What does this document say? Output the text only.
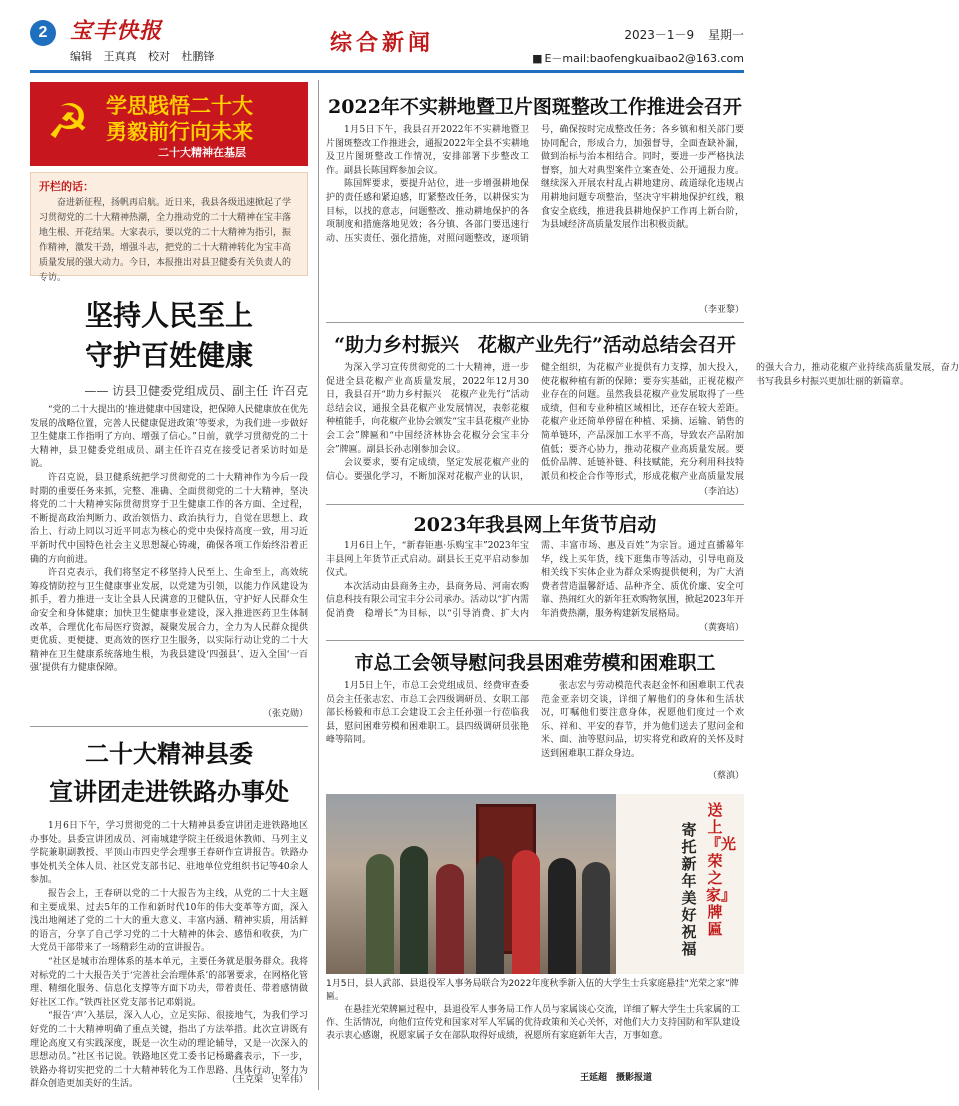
2	宝丰快报
编辑 王真真 校对 杜鹏锋
综合新闻	2023－1－9 星期一
■ E－mail:baofengkuaibao2@163.com
☭ 学思践悟二十大
勇毅前行向未来
二十大精神在基层
开栏的话：
奋进新征程，扬帆再启航。近日来，我县各级迅速掀起了学习贯彻党的二十大精神热潮，全力推动党的二十大精神在宝丰落地生根、开花结果。大家表示，要以党的二十大精神为指引，振作精神，激发干劲，增强斗志，把党的二十大精神转化为宝丰高质量发展的强大动力。今日，本报推出对县卫健委有关负责人的专访。
坚持人民至上
守护百姓健康
—— 访县卫健委党组成员、副主任 许召克

“党的二十大提出的‘推进健康中国建设，把保障人民健康放在优先发展的战略位置，完善人民健康促进政策’等要求，为我们进一步做好卫生健康工作指明了方向、增强了信心。”日前，就学习贯彻党的二十大精神，县卫健委党组成员、副主任许召克在接受记者采访时如是说。

许召克说，县卫健系统把学习贯彻党的二十大精神作为今后一段时期的重要任务来抓，完整、准确、全面贯彻党的二十大精神，坚决将党的二十大精神实际贯彻贯穿于卫生健康工作的各方面、全过程，不断提高政治判断力、政治领悟力、政治执行力，自觉在思想上、政治上、行动上同以习近平同志为核心的党中央保持高度一致，用习近平新时代中国特色社会主义思想凝心铸魂，确保各项工作始终沿着正确的方向前进。

许召克表示，我们将坚定不移坚持人民至上、生命至上，高效统筹疫情防控与卫生健康事业发展，以党建为引领，以能力作风建设为抓手，着力推进一支让全县人民满意的卫健队伍，守护好人民群众生命安全和身体健康；加快卫生健康事业建设，深入推进医药卫生体制改革，合理优化布局医疗资源，凝聚发展合力，全力为人民群众提供更优质、更便捷、更高效的医疗卫生服务，以实际行动让党的二十大精神在卫生健康系统落地生根，为我县建设‘四强县’、迈入全国‘一百强’提供有力健康保障。

（张克勋）
二十大精神县委
宣讲团走进铁路办事处

1月6日下午，学习贯彻党的二十大精神县委宣讲团走进铁路地区办事处。县委宣讲团成员、河南城建学院主任级退休教师、马列主义学院兼职副教授、平顶山市四史学会理事王春研作宣讲报告。铁路办事处机关全体人员、社区党支部书记、驻地单位党组织书记等40余人参加。

报告会上，王春研以党的二十大报告为主线，从党的二十大主题和主要成果、过去5年的工作和新时代10年的伟大变革等方面，深入浅出地阐述了党的二十大的重大意义、丰富内涵、精神实质，用活鲜的语言，分享了自己学习党的二十大精神的体会、感悟和收获，为广大党员干部带来了一场精彩生动的宣讲报告。

“社区是城市治理体系的基本单元，主要任务就是服务群众。我将对标党的二十大报告关于‘完善社会治理体系’的部署要求，在网格化管理、精细化服务、信息化支撑等方面下功夫，带着责任、带着感情做好社区工作。”铁西社区党支部书记邓娟说。

“报告‘声’入基层，深入人心，立足实际、很接地气，为我们学习好党的二十大精神明确了重点关键，指出了方法举措。此次宣讲既有理论高度又有实践深度，既是一次生动的理论辅导，又是一次深入的思想动员。”社区书记说。铁路地区党工委书记杨璐鑫表示，下一步，铁路办将切实把党的二十大精神转化为工作思路、具体行动，努力为群众创造更加美好的生活。	（王克渠　史军伟）
2022年不实耕地暨卫片图斑整改工作推进会召开

1月5日下午，我县召开2022年不实耕地暨卫片图斑整改工作推进会，通报2022年全县不实耕地及卫片图斑整改工作情况，安排部署下步整改工作。副县长陈国辉参加会议。

陈国辉要求，要提升站位，进一步增强耕地保护的责任感和紧迫感，盯紧整改任务，以耕保实为目标，以找的意志，问题整改、推动耕地保护的各项制度和措施落地见效；各分镇、各部门要迅速行动、压实责任、强化措施，对照问题整改，逐项销号，确保按时完成整改任务；各乡镇和相关部门要协同配合，形成合力，加强督导，全面查缺补漏，做到治标与治本相结合。同时，要进一步严格执法督察，加大对典型案件立案查处、公开通报力度。继续深入开展农村乱占耕地建房、疏道绿化违规占用耕地问题专项整治，坚决守牢耕地保护红线，粮食安全底线，推进我县耕地保护工作再上新台阶，为县域经济高质量发展作出积极贡献。

（李亚黎）
“助力乡村振兴　花椒产业先行”活动总结会召开

为深入学习宣传贯彻党的二十大精神，进一步促进全县花椒产业高质量发展，2022年12月30日，我县召开“助力乡村振兴　花椒产业先行”活动总结会议，通报全县花椒产业发展情况，表彰花椒种植能手，向花椒产业协会颁发“宝丰县花椒产业协会工会”牌匾和“中国经济林协会花椒分会宝丰分会”牌匾。副县长孙志刚参加会议。

会议要求，要有定成绩，坚定发展花椒产业的信心。要强化学习，不断加深对花椒产业的认识，健全组织，为花椒产业提供有力支撑，加大投入，使花椒种植有新的保障；要夯实基础，正视花椒产业存在的问题。虽然我县花椒产业发展取得了一些成绩，但和专业种植区域相比，还存在较大差距。花椒产业还简单停留在种植、采摘、运输、销售的简单链环，产品深加工水平不高，导致农产品附加值低；要齐心协力，推动花椒产业高质量发展。要低价品牌、延链补链、科技赋能，充分利用科技特派员和校企合作等形式，形成花椒产业高质量发展的强大合力，推动花椒产业持续高质量发展，奋力书写我县乡村振兴更加壮丽的新篇章。

（李泊达）
2023年我县网上年货节启动

1月6日上午，“新春钜惠·乐购宝丰”2023年宝丰县网上年货节正式启动。副县长王克平启动参加仪式。

本次活动由县商务主办，县商务局、河南农购信息科技有限公司宝丰分公司承办。活动以“扩内需　促消费　稳增长”为目标，以“引导消费、扩大内需、丰富市场、惠及百姓”为宗旨。通过直播幕年华，线上买年货，线下逛集市等活动，引导电商及相关线下实体企业为群众采购提供便利，为广大消费者营造温馨舒适、品种齐全、质优价廉、安全可靠、热闹红火的新年狂欢购物氛围，掀起2023年开年消费热潮，服务构建新发展格局。

（黄赛培）
市总工会领导慰问我县困难劳模和困难职工

1月5日上午，市总工会党组成员、经费审查委员会主任张志宏、市总工会四级调研员、女职工部部长杨毅和市总工会建设工会主任孙强一行莅临我县，慰问困难劳模和困难职工。县四级调研员张艳峰等陪同。

张志宏与劳动模范代表赵金怀和困难职工代表范金亚亲切交谈，详细了解他们的身体和生活状况，叮嘱他们要注意身体，祝愿他们度过一个欢乐、祥和、平安的春节，并为他们送去了慰问金和米、面、油等慰问品，切实将党和政府的关怀及时送到困难职工群众身边。

（蔡滇）
送上『光荣之家』牌匾
寄托新年美好祝福
1月5日，县人武部、县退役军人事务局联合为2022年度秋季新入伍的大学生士兵家庭悬挂“光荣之家”牌匾。
在悬挂光荣牌匾过程中，县退役军人事务局工作人员与家属谈心交流，详细了解大学生士兵家属的工作、生活情况，向他们宣传党和国家对军人军属的优待政策和关心关怀，对他们大力支持国防和军队建设表示衷心感谢，祝愿家属子女在部队取得好成绩，祝愿所有家庭新年大吉，万事如意。
王延超　摄影报道
